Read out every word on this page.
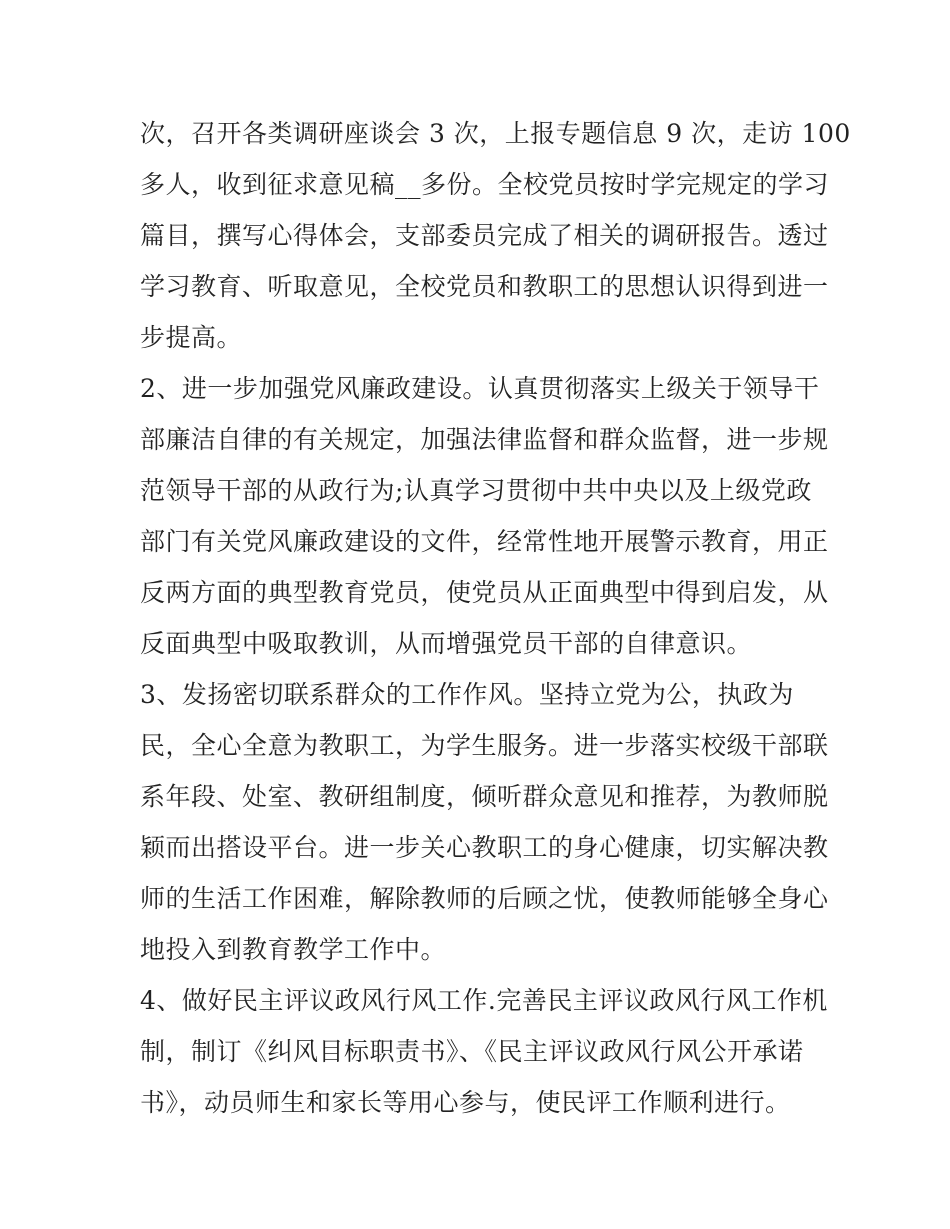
次，召开各类调研座谈会 3 次，上报专题信息 9 次，走访 100
多人，收到征求意见稿__多份。全校党员按时学完规定的学习
篇目，撰写心得体会，支部委员完成了相关的调研报告。透过
学习教育、听取意见，全校党员和教职工的思想认识得到进一
步提高。
2、进一步加强党风廉政建设。认真贯彻落实上级关于领导干
部廉洁自律的有关规定，加强法律监督和群众监督，进一步规
范领导干部的从政行为;认真学习贯彻中共中央以及上级党政
部门有关党风廉政建设的文件，经常性地开展警示教育，用正
反两方面的典型教育党员，使党员从正面典型中得到启发，从
反面典型中吸取教训，从而增强党员干部的自律意识。
3、发扬密切联系群众的工作作风。坚持立党为公，执政为
民，全心全意为教职工，为学生服务。进一步落实校级干部联
系年段、处室、教研组制度，倾听群众意见和推荐，为教师脱
颖而出搭设平台。进一步关心教职工的身心健康，切实解决教
师的生活工作困难，解除教师的后顾之忧，使教师能够全身心
地投入到教育教学工作中。
4、做好民主评议政风行风工作.完善民主评议政风行风工作机
制，制订《纠风目标职责书》、《民主评议政风行风公开承诺
书》，动员师生和家长等用心参与，使民评工作顺利进行。
